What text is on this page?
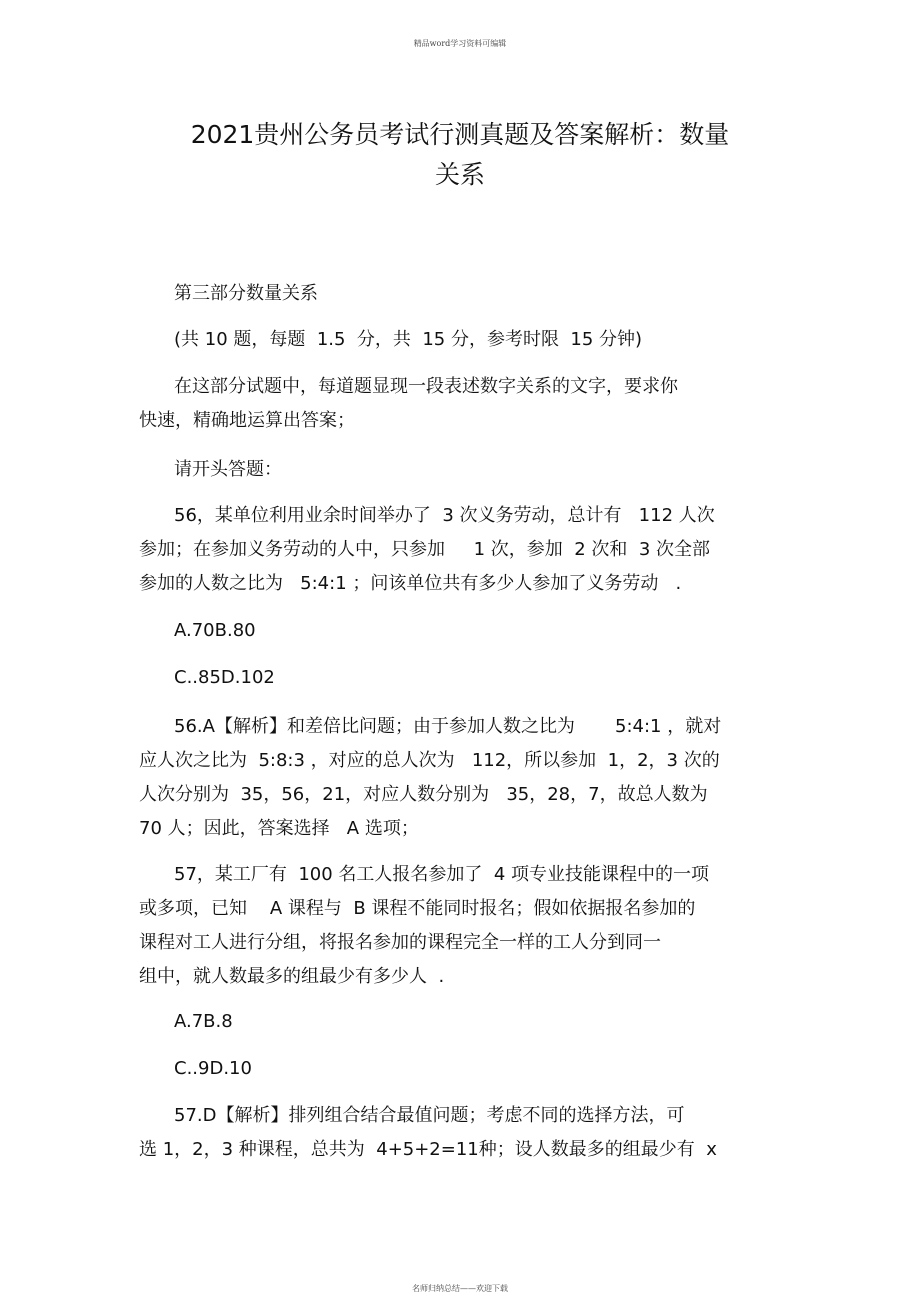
精品word学习资料可编辑
2021贵州公务员考试行测真题及答案解析：数量
关系

第三部分数量关系

(共 10 题，每题  1.5  分，共  15 分，参考时限  15 分钟)

在这部分试题中，每道题显现一段表述数字关系的文字，要求你

快速，精确地运算出答案；

请开头答题：

56，某单位利用业余时间举办了  3 次义务劳动，总计有   112 人次

参加；在参加义务劳动的人中，只参加     1 次，参加  2 次和  3 次全部

参加的人数之比为   5:4:1 ；问该单位共有多少人参加了义务劳动   .

A.70B.80

C..85D.102

56.A【解析】和差倍比问题；由于参加人数之比为       5:4:1 ，就对

应人次之比为  5:8:3 ，对应的总人次为   112，所以参加  1，2，3 次的

人次分别为  35，56，21，对应人数分别为   35，28，7，故总人数为

70 人；因此，答案选择   A 选项；

57，某工厂有  100 名工人报名参加了  4 项专业技能课程中的一项

或多项，已知    A 课程与  B 课程不能同时报名；假如依据报名参加的

课程对工人进行分组，将报名参加的课程完全一样的工人分到同一

组中，就人数最多的组最少有多少人  .

A.7B.8

C..9D.10

57.D【解析】排列组合结合最值问题；考虑不同的选择方法，可

选 1，2，3 种课程，总共为  4+5+2=11种；设人数最多的组最少有  x

名师归纳总结——欢迎下载
